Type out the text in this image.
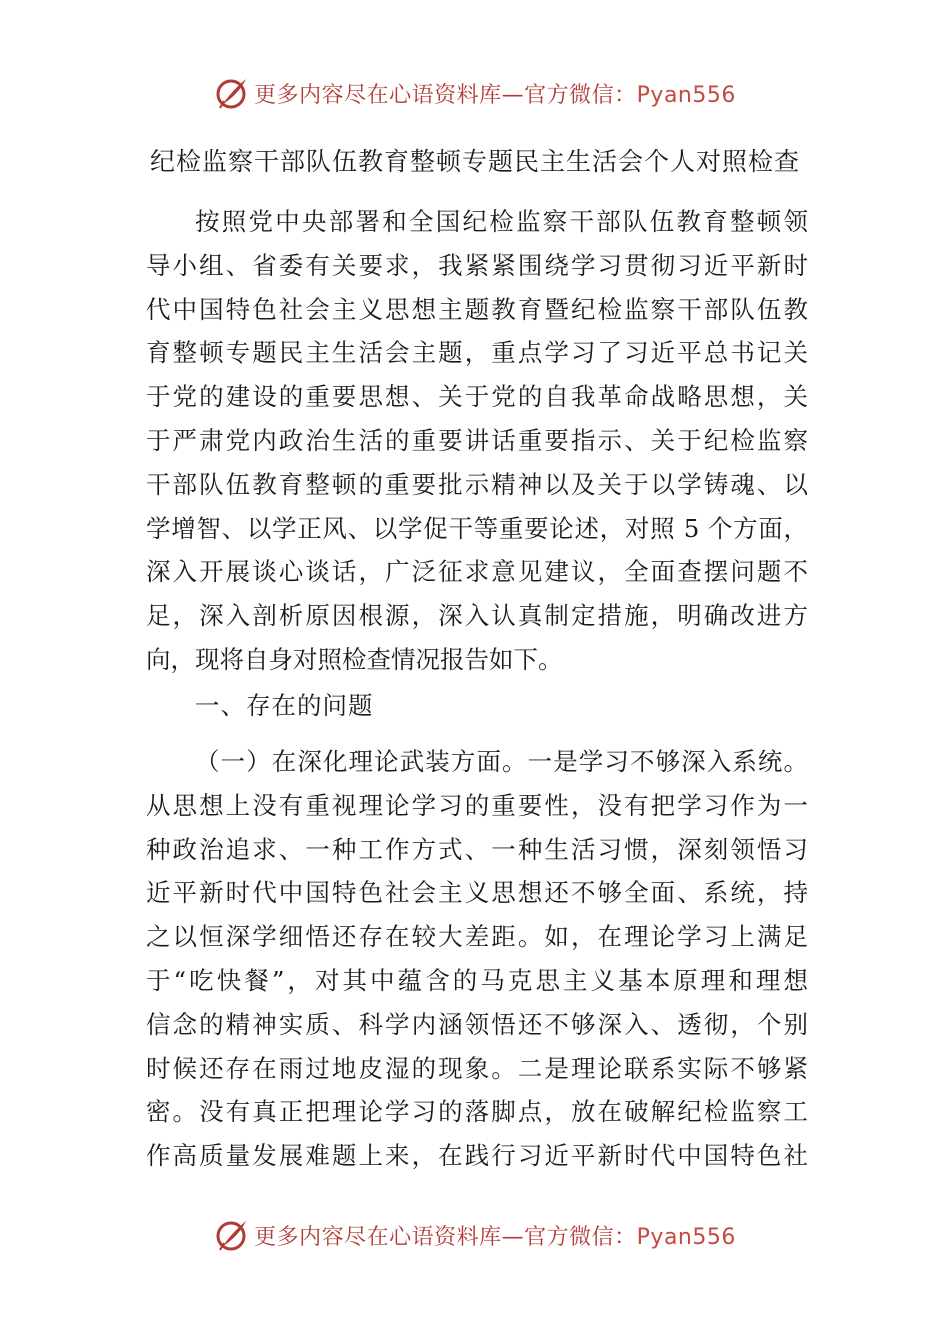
更多内容尽在心语资料库—官方微信：Pyan556
纪检监察干部队伍教育整顿专题民主生活会个人对照检查
按照党中央部署和全国纪检监察干部队伍教育整顿领
导小组、省委有关要求，我紧紧围绕学习贯彻习近平新时
代中国特色社会主义思想主题教育暨纪检监察干部队伍教
育整顿专题民主生活会主题，重点学习了习近平总书记关
于党的建设的重要思想、关于党的自我革命战略思想，关
于严肃党内政治生活的重要讲话重要指示、关于纪检监察
干部队伍教育整顿的重要批示精神以及关于以学铸魂、以
学增智、以学正风、以学促干等重要论述，对照 5 个方面，
深入开展谈心谈话，广泛征求意见建议，全面查摆问题不
足，深入剖析原因根源，深入认真制定措施，明确改进方
向，现将自身对照检查情况报告如下。
一、存在的问题
（一）在深化理论武装方面。一是学习不够深入系统。
从思想上没有重视理论学习的重要性，没有把学习作为一
种政治追求、一种工作方式、一种生活习惯，深刻领悟习
近平新时代中国特色社会主义思想还不够全面、系统，持
之以恒深学细悟还存在较大差距。如，在理论学习上满足
于“吃快餐”，对其中蕴含的马克思主义基本原理和理想
信念的精神实质、科学内涵领悟还不够深入、透彻，个别
时候还存在雨过地皮湿的现象。二是理论联系实际不够紧
密。没有真正把理论学习的落脚点，放在破解纪检监察工
作高质量发展难题上来，在践行习近平新时代中国特色社
更多内容尽在心语资料库—官方微信：Pyan556
